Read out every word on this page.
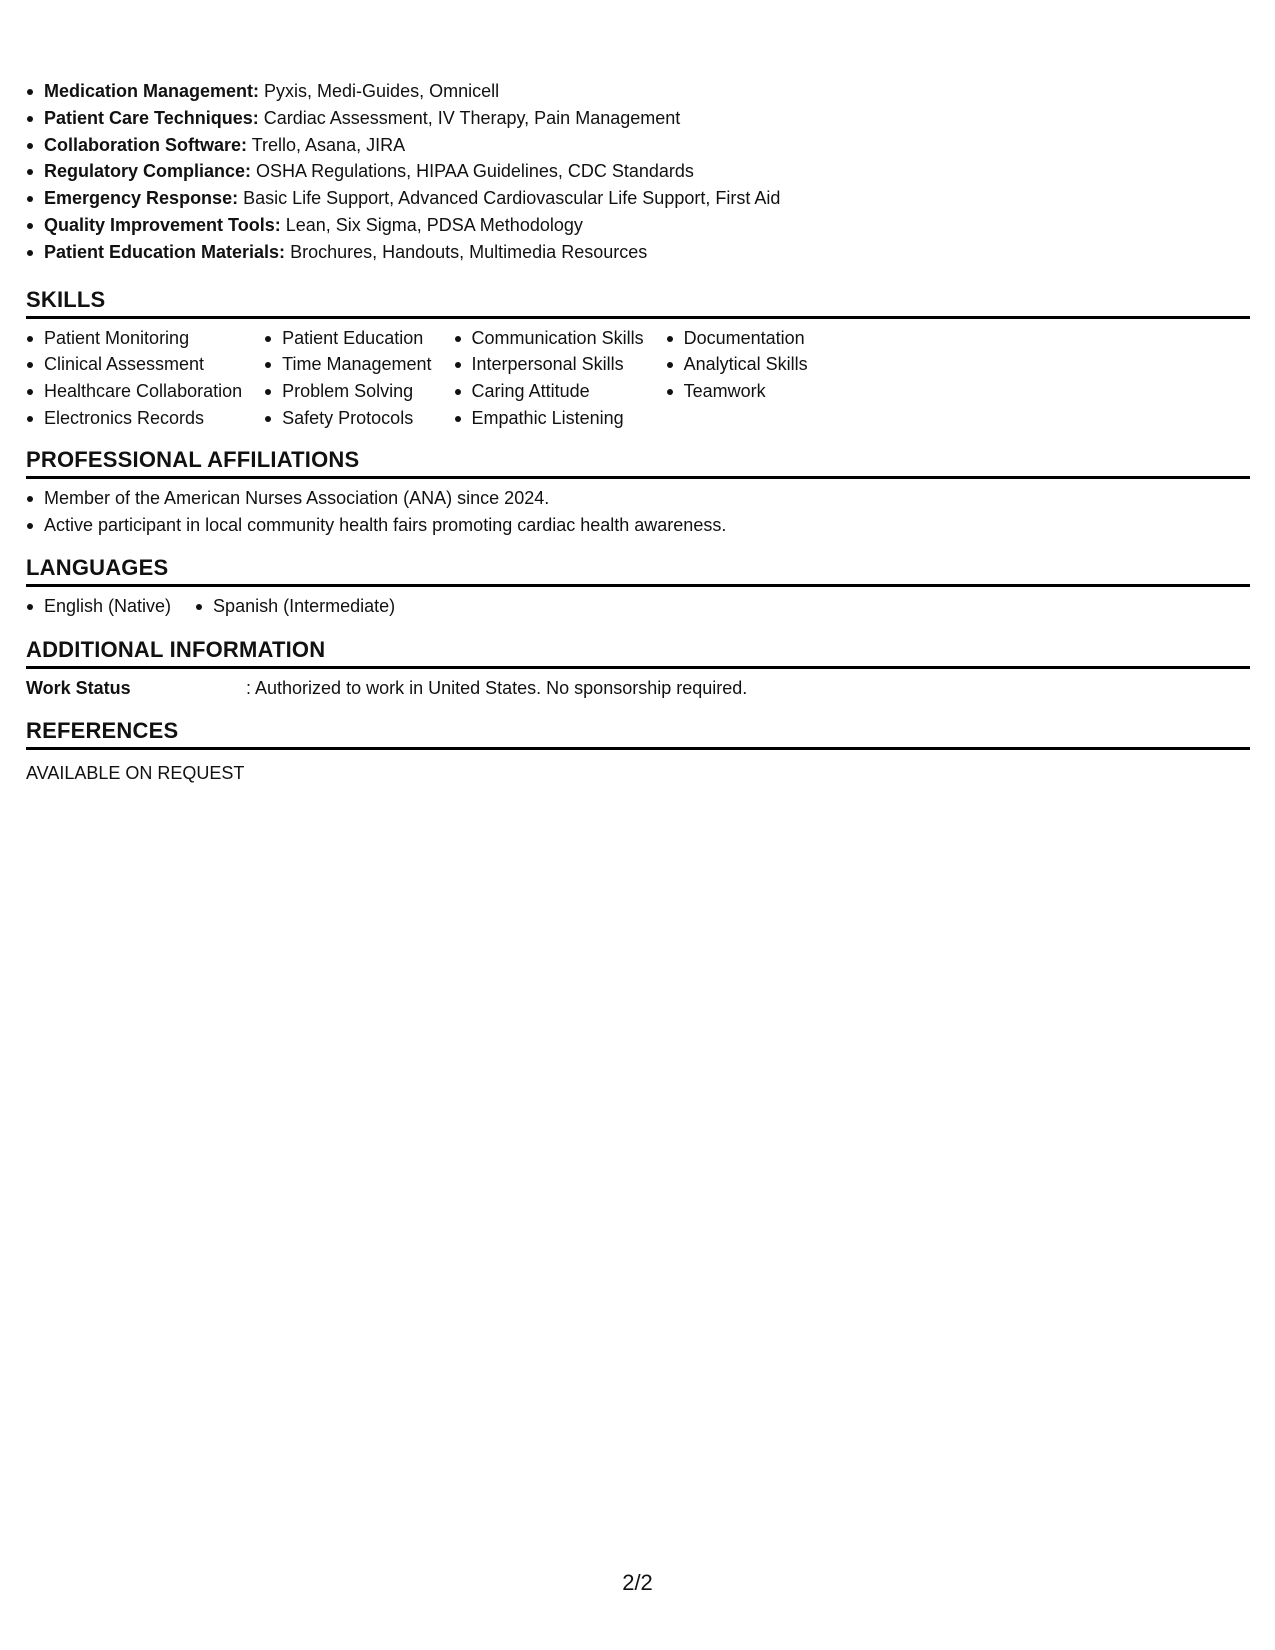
Medication Management: Pyxis, Medi-Guides, Omnicell
Patient Care Techniques: Cardiac Assessment, IV Therapy, Pain Management
Collaboration Software: Trello, Asana, JIRA
Regulatory Compliance: OSHA Regulations, HIPAA Guidelines, CDC Standards
Emergency Response: Basic Life Support, Advanced Cardiovascular Life Support, First Aid
Quality Improvement Tools: Lean, Six Sigma, PDSA Methodology
Patient Education Materials: Brochures, Handouts, Multimedia Resources
SKILLS
Patient Monitoring
Clinical Assessment
Healthcare Collaboration
Electronics Records
Patient Education
Time Management
Problem Solving
Safety Protocols
Communication Skills
Interpersonal Skills
Caring Attitude
Empathic Listening
Documentation
Analytical Skills
Teamwork
PROFESSIONAL AFFILIATIONS
Member of the American Nurses Association (ANA) since 2024.
Active participant in local community health fairs promoting cardiac health awareness.
LANGUAGES
English (Native)	Spanish (Intermediate)
ADDITIONAL INFORMATION
Work Status	: Authorized to work in United States. No sponsorship required.
REFERENCES
AVAILABLE ON REQUEST
2/2
